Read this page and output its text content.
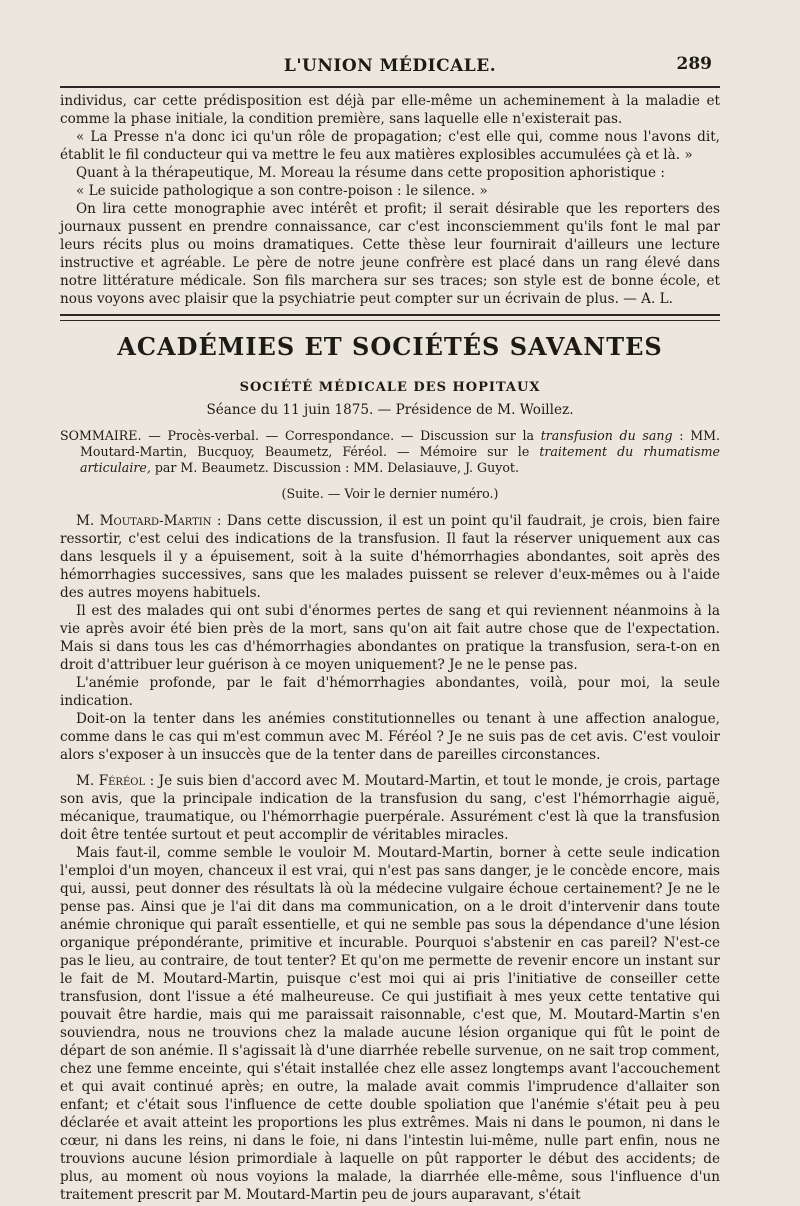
L'UNION MÉDICALE.	289

individus, car cette prédisposition est déjà par elle-même un acheminement à la maladie et comme la phase initiale, la condition première, sans laquelle elle n'existerait pas.

« La Presse n'a donc ici qu'un rôle de propagation; c'est elle qui, comme nous l'avons dit, établit le fil conducteur qui va mettre le feu aux matières explosibles accumulées çà et là. »

Quant à la thérapeutique, M. Moreau la résume dans cette proposition aphoristique :

« Le suicide pathologique a son contre-poison : le silence. »

On lira cette monographie avec intérêt et profit; il serait désirable que les reporters des journaux pussent en prendre connaissance, car c'est inconsciemment qu'ils font le mal par leurs récits plus ou moins dramatiques. Cette thèse leur fournirait d'ailleurs une lecture instructive et agréable. Le père de notre jeune confrère est placé dans un rang élevé dans notre littérature médicale. Son fils marchera sur ses traces; son style est de bonne école, et nous voyons avec plaisir que la psychiatrie peut compter sur un écrivain de plus. — A. L.

ACADÉMIES ET SOCIÉTÉS SAVANTES
SOCIÉTÉ MÉDICALE DES HOPITAUX
Séance du 11 juin 1875. — Présidence de M. Woillez.
SOMMAIRE. — Procès-verbal. — Correspondance. — Discussion sur la transfusion du sang : MM. Moutard-Martin, Bucquoy, Beaumetz, Féréol. — Mémoire sur le traitement du rhumatisme articulaire, par M. Beaumetz. Discussion : MM. Delasiauve, J. Guyot.
(Suite. — Voir le dernier numéro.)

M. Moutard-Martin : Dans cette discussion, il est un point qu'il faudrait, je crois, bien faire ressortir, c'est celui des indications de la transfusion. Il faut la réserver uniquement aux cas dans lesquels il y a épuisement, soit à la suite d'hémorrhagies abondantes, soit après des hémorrhagies successives, sans que les malades puissent se relever d'eux-mêmes ou à l'aide des autres moyens habituels.

Il est des malades qui ont subi d'énormes pertes de sang et qui reviennent néanmoins à la vie après avoir été bien près de la mort, sans qu'on ait fait autre chose que de l'expectation. Mais si dans tous les cas d'hémorrhagies abondantes on pratique la transfusion, sera-t-on en droit d'attribuer leur guérison à ce moyen uniquement? Je ne le pense pas.

L'anémie profonde, par le fait d'hémorrhagies abondantes, voilà, pour moi, la seule indication.

Doit-on la tenter dans les anémies constitutionnelles ou tenant à une affection analogue, comme dans le cas qui m'est commun avec M. Féréol ? Je ne suis pas de cet avis. C'est vouloir alors s'exposer à un insuccès que de la tenter dans de pareilles circonstances.

M. Féréol : Je suis bien d'accord avec M. Moutard-Martin, et tout le monde, je crois, partage son avis, que la principale indication de la transfusion du sang, c'est l'hémorrhagie aiguë, mécanique, traumatique, ou l'hémorrhagie puerpérale. Assurément c'est là que la transfusion doit être tentée surtout et peut accomplir de véritables miracles.

Mais faut-il, comme semble le vouloir M. Moutard-Martin, borner à cette seule indication l'emploi d'un moyen, chanceux il est vrai, qui n'est pas sans danger, je le concède encore, mais qui, aussi, peut donner des résultats là où la médecine vulgaire échoue certainement? Je ne le pense pas. Ainsi que je l'ai dit dans ma communication, on a le droit d'intervenir dans toute anémie chronique qui paraît essentielle, et qui ne semble pas sous la dépendance d'une lésion organique prépondérante, primitive et incurable. Pourquoi s'abstenir en cas pareil? N'est-ce pas le lieu, au contraire, de tout tenter? Et qu'on me permette de revenir encore un instant sur le fait de M. Moutard-Martin, puisque c'est moi qui ai pris l'initiative de conseiller cette transfusion, dont l'issue a été malheureuse. Ce qui justifiait à mes yeux cette tentative qui pouvait être hardie, mais qui me paraissait raisonnable, c'est que, M. Moutard-Martin s'en souviendra, nous ne trouvions chez la malade aucune lésion organique qui fût le point de départ de son anémie. Il s'agissait là d'une diarrhée rebelle survenue, on ne sait trop comment, chez une femme enceinte, qui s'était installée chez elle assez longtemps avant l'accouchement et qui avait continué après; en outre, la malade avait commis l'imprudence d'allaiter son enfant; et c'était sous l'influence de cette double spoliation que l'anémie s'était peu à peu déclarée et avait atteint les proportions les plus extrêmes. Mais ni dans le poumon, ni dans le cœur, ni dans les reins, ni dans le foie, ni dans l'intestin lui-même, nulle part enfin, nous ne trouvions aucune lésion primordiale à laquelle on pût rapporter le début des accidents; de plus, au moment où nous voyions la malade, la diarrhée elle-même, sous l'influence d'un traitement prescrit par M. Moutard-Martin peu de jours auparavant, s'était
